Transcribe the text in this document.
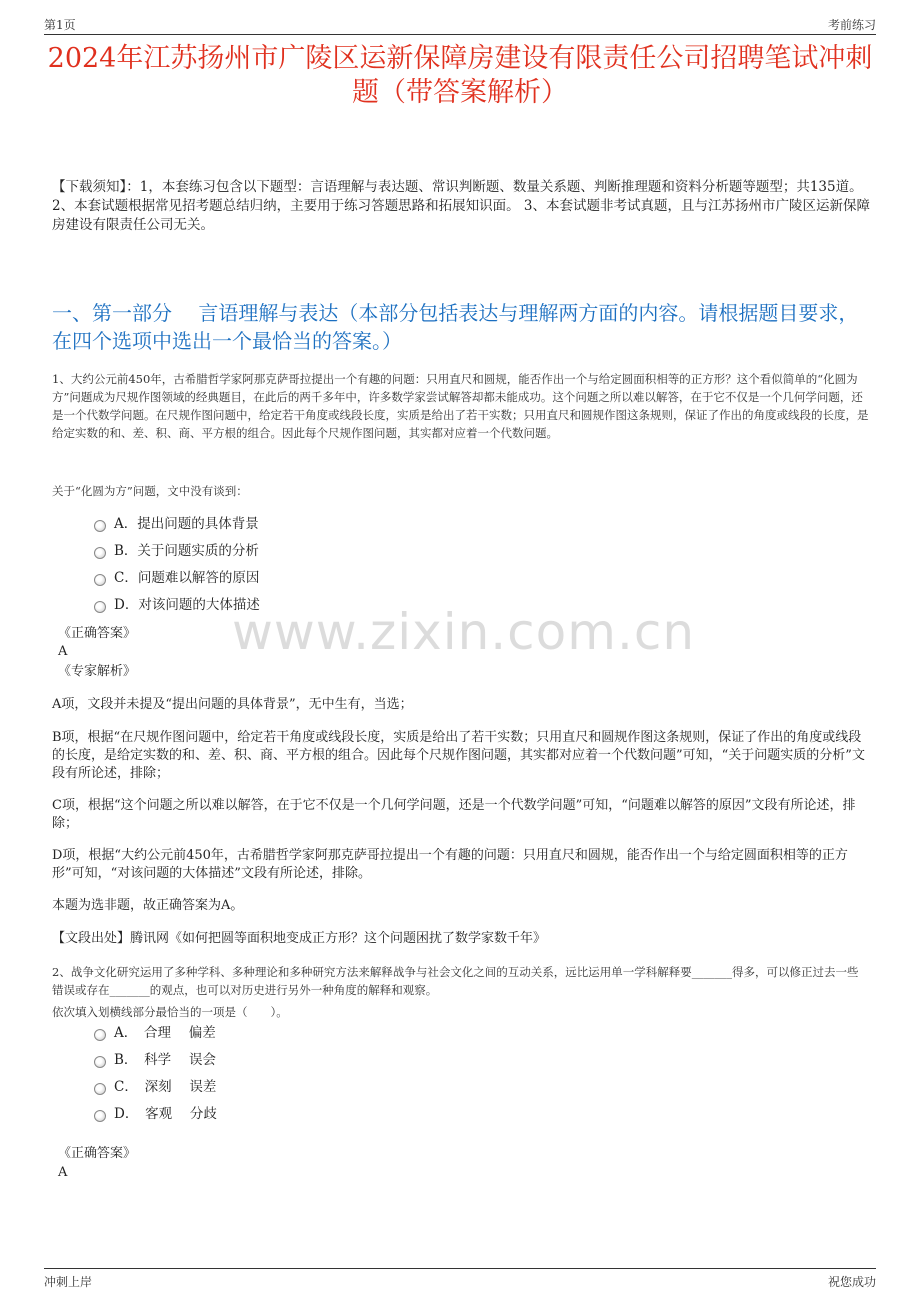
第1页	考前练习
2024年江苏扬州市广陵区运新保障房建设有限责任公司招聘笔试冲刺题（带答案解析）
【下载须知】：1，本套练习包含以下题型：言语理解与表达题、常识判断题、数量关系题、判断推理题和资料分析题等题型；共135道。 2、本套试题根据常见招考题总结归纳，主要用于练习答题思路和拓展知识面。 3、本套试题非考试真题，且与江苏扬州市广陵区运新保障房建设有限责任公司无关。
一、第一部分　 言语理解与表达（本部分包括表达与理解两方面的内容。请根据题目要求，在四个选项中选出一个最恰当的答案。）
1、大约公元前450年，古希腊哲学家阿那克萨哥拉提出一个有趣的问题：只用直尺和圆规，能否作出一个与给定圆面积相等的正方形？这个看似简单的“化圆为方”问题成为尺规作图领域的经典题目，在此后的两千多年中，许多数学家尝试解答却都未能成功。这个问题之所以难以解答，在于它不仅是一个几何学问题，还是一个代数学问题。在尺规作图问题中，给定若干角度或线段长度，实质是给出了若干实数；只用直尺和圆规作图这条规则，保证了作出的角度或线段的长度，是给定实数的和、差、积、商、平方根的组合。因此每个尺规作图问题，其实都对应着一个代数问题。
关于“化圆为方”问题，文中没有谈到：
A．提出问题的具体背景
B．关于问题实质的分析
C．问题难以解答的原因
D．对该问题的大体描述
www.zixin.com.cn
《正确答案》
A
《专家解析》
A项，文段并未提及“提出问题的具体背景”，无中生有，当选；
B项，根据“在尺规作图问题中，给定若干角度或线段长度，实质是给出了若干实数；只用直尺和圆规作图这条规则，保证了作出的角度或线段的长度，是给定实数的和、差、积、商、平方根的组合。因此每个尺规作图问题，其实都对应着一个代数问题”可知，“关于问题实质的分析”文段有所论述，排除；
C项，根据“这个问题之所以难以解答，在于它不仅是一个几何学问题，还是一个代数学问题”可知，“问题难以解答的原因”文段有所论述，排除；
D项，根据“大约公元前450年，古希腊哲学家阿那克萨哥拉提出一个有趣的问题：只用直尺和圆规，能否作出一个与给定圆面积相等的正方形”可知，“对该问题的大体描述”文段有所论述，排除。
本题为选非题，故正确答案为A。
【文段出处】腾讯网《如何把圆等面积地变成正方形？这个问题困扰了数学家数千年》
2、战争文化研究运用了多种学科、多种理论和多种研究方法来解释战争与社会文化之间的互动关系，远比运用单一学科解释要_______得多，可以修正过去一些错误或存在_______的观点，也可以对历史进行另外一种角度的解释和观察。
依次填入划横线部分最恰当的一项是（　　）。
A．　合理　 偏差
B．　科学　 误会
C．　深刻　 误差
D．　客观　 分歧
《正确答案》
A
冲刺上岸	祝您成功
